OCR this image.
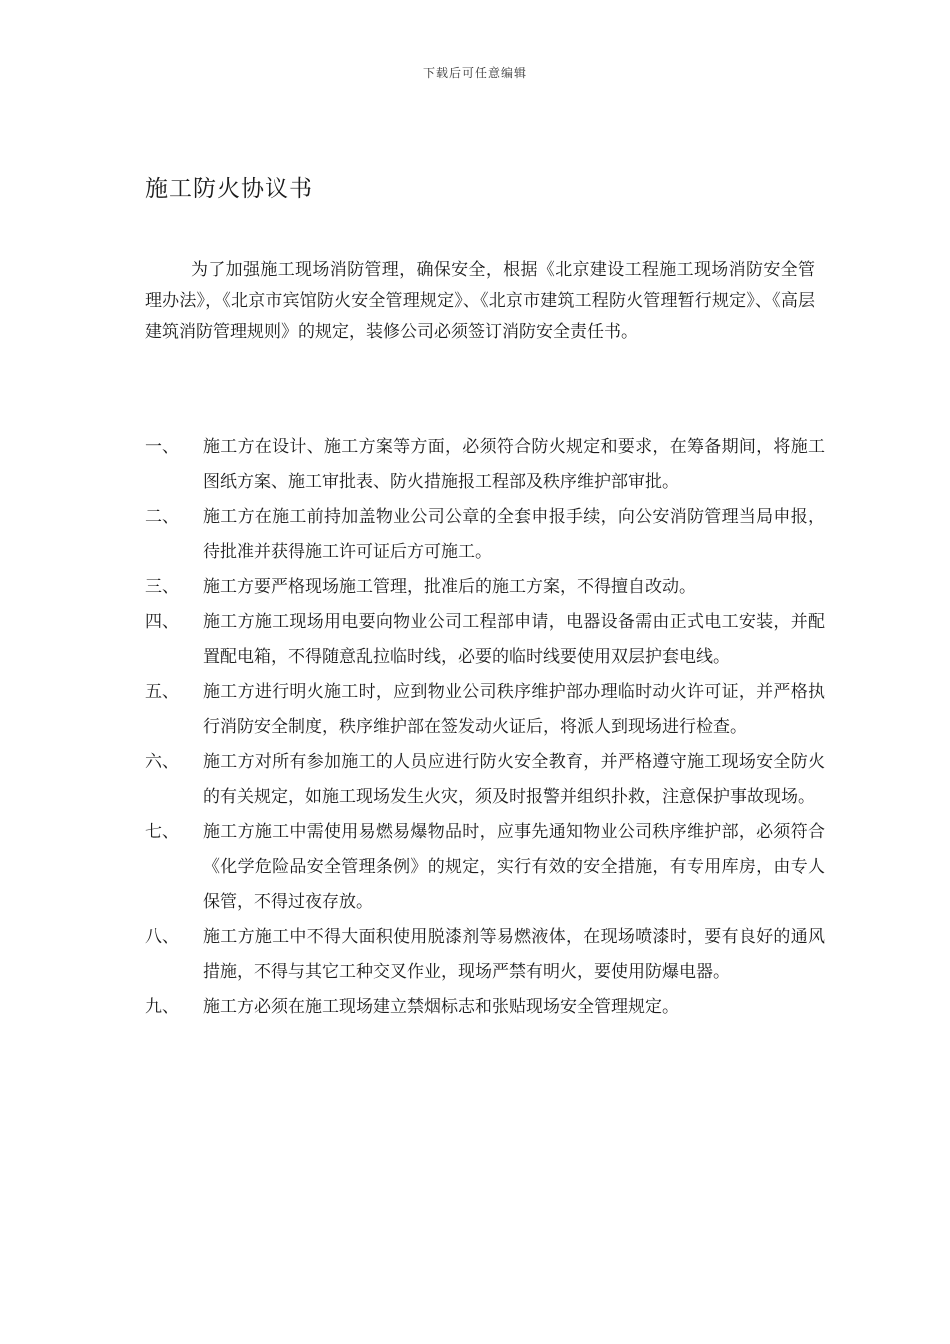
下载后可任意编辑
施工防火协议书

为了加强施工现场消防管理，确保安全，根据《北京建设工程施工现场消防安全管理办法》，《北京市宾馆防火安全管理规定》、《北京市建筑工程防火管理暂行规定》、《高层建筑消防管理规则》的规定，装修公司必须签订消防安全责任书。

一、	施工方在设计、施工方案等方面，必须符合防火规定和要求，在筹备期间，将施工图纸方案、施工审批表、防火措施报工程部及秩序维护部审批。
二、	施工方在施工前持加盖物业公司公章的全套申报手续，向公安消防管理当局申报，待批准并获得施工许可证后方可施工。
三、	施工方要严格现场施工管理，批准后的施工方案，不得擅自改动。
四、	施工方施工现场用电要向物业公司工程部申请，电器设备需由正式电工安装，并配置配电箱，不得随意乱拉临时线，必要的临时线要使用双层护套电线。
五、	施工方进行明火施工时，应到物业公司秩序维护部办理临时动火许可证，并严格执行消防安全制度，秩序维护部在签发动火证后，将派人到现场进行检查。
六、	施工方对所有参加施工的人员应进行防火安全教育，并严格遵守施工现场安全防火的有关规定，如施工现场发生火灾，须及时报警并组织扑救，注意保护事故现场。
七、	施工方施工中需使用易燃易爆物品时，应事先通知物业公司秩序维护部，必须符合《化学危险品安全管理条例》的规定，实行有效的安全措施，有专用库房，由专人保管，不得过夜存放。
八、	施工方施工中不得大面积使用脱漆剂等易燃液体，在现场喷漆时，要有良好的通风措施，不得与其它工种交叉作业，现场严禁有明火，要使用防爆电器。
九、	施工方必须在施工现场建立禁烟标志和张贴现场安全管理规定。
